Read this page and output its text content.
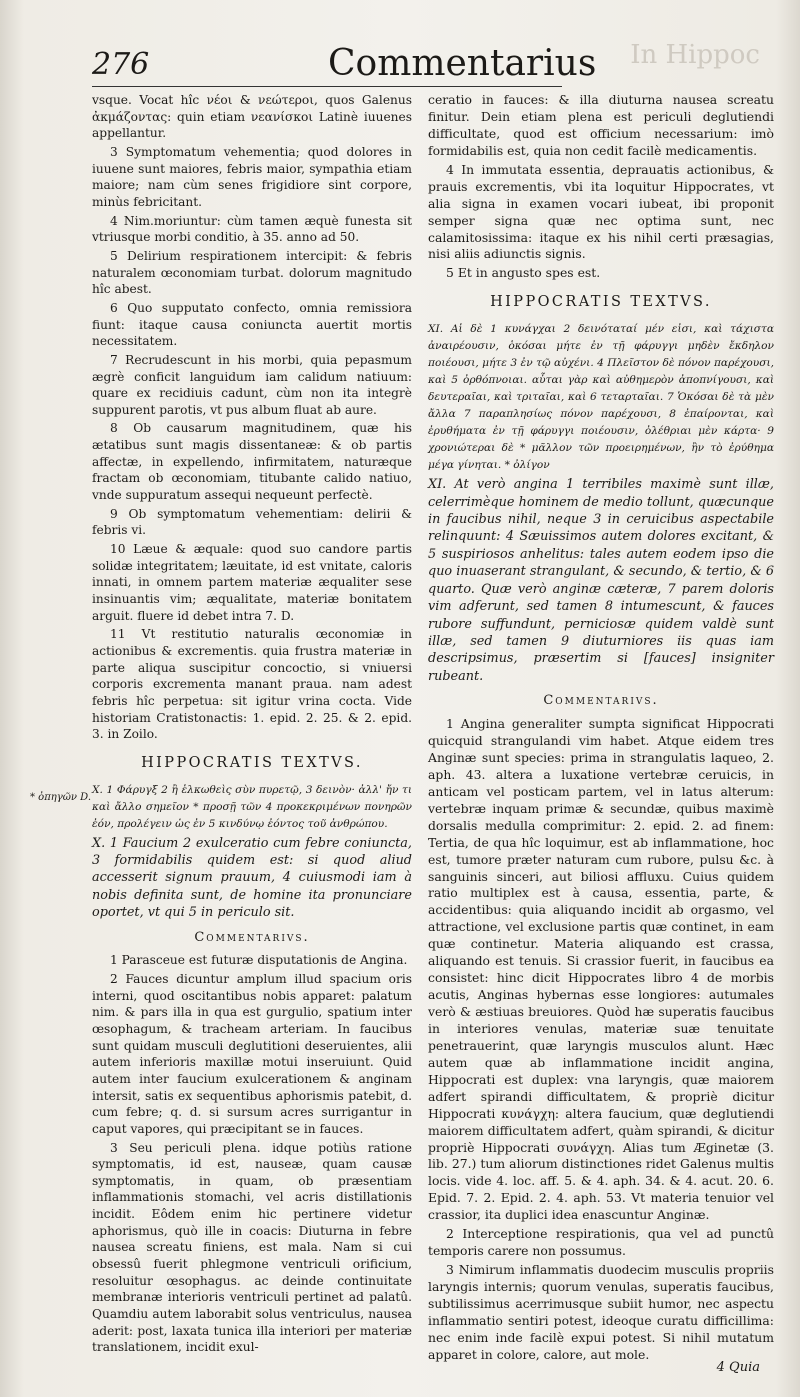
In Hippoc
276	Commentarius
* ὀπηγῶν D.

vsque. Vocat hîc νέοι & νεώτεροι, quos Galenus ἀκμάζοντας: quin etiam νεανίσκοι Latinè iuuenes appellantur.

3 Symptomatum vehementia; quod dolores in iuuene sunt maiores, febris maior, sympathia etiam maiore; nam cùm senes frigidiore sint corpore, minùs febricitant.

4 Nim.moriuntur: cùm tamen æquè funesta sit vtriusque morbi conditio, à 35. anno ad 50.

5 Delirium respirationem intercipit: & febris naturalem œconomiam turbat. dolorum magnitudo hîc abest.

6 Quo supputato confecto, omnia remissiora fiunt: itaque causa coniuncta auertit mortis necessitatem.

7 Recrudescunt in his morbi, quia pepasmum ægrè conficit languidum iam calidum natiuum: quare ex recidiuis cadunt, cùm non ita integrè suppurent parotis, vt pus album fluat ab aure.

8 Ob causarum magnitudinem, quæ his ætatibus sunt magis dissentaneæ: & ob partis affectæ, in expellendo, infirmitatem, naturæque fractam ob œconomiam, titubante calido natiuo, vnde suppuratum assequi nequeunt perfectè.

9 Ob symptomatum vehementiam: delirii & febris vi.

10 Læue & æquale: quod suo candore partis solidæ integritatem; læuitate, id est vnitate, caloris innati, in omnem partem materiæ æqualiter sese insinuantis vim; æqualitate, materiæ bonitatem arguit. fluere id debet intra 7. D.

11 Vt restitutio naturalis œconomiæ in actionibus & excrementis. quia frustra materiæ in parte aliqua suscipitur concoctio, si vniuersi corporis excrementa manant praua. nam adest febris hîc perpetua: sit igitur vrina cocta. Vide historiam Cratistonactis: 1. epid. 2. 25. & 2. epid. 3. in Zoilo.

HIPPOCRATIS TEXTVS.

X. 1 Φάρυγξ 2 ἢ ἑλκωθεὶς σὺν πυρετῷ, 3 δεινὸν· ἀλλ' ἤν τι καὶ ἄλλο σημεῖον * προσῇ τῶν 4 προκεκριμένων πονηρῶν ἐόν, προλέγειν ὡς ἐν 5 κινδύνῳ ἐόντος τοῦ ἀνθρώπου.

X. 1 Faucium 2 exulceratio cum febre coniuncta, 3 formidabilis quidem est: si quod aliud accesserit signum prauum, 4 cuiusmodi iam à nobis definita sunt, de homine ita pronunciare oportet, vt qui 5 in periculo sit.

Commentarivs.

1 Parasceue est futuræ disputationis de Angina.

2 Fauces dicuntur amplum illud spacium oris interni, quod oscitantibus nobis apparet: palatum nim. & pars illa in qua est gurgulio, spatium inter œsophagum, & tracheam arteriam. In faucibus sunt quidam musculi deglutitioni deseruientes, alii autem inferioris maxillæ motui inseruiunt. Quid autem inter faucium exulcerationem & anginam intersit, satis ex sequentibus aphorismis patebit, d. cum febre; q. d. si sursum acres surrigantur in caput vapores, qui præcipitant se in fauces.

3 Seu periculi plena. idque potiùs ratione symptomatis, id est, nauseæ, quam causæ symptomatis, in quam, ob præsentiam inflammationis stomachi, vel acris distillationis incidit. Eôdem enim hic pertinere videtur aphorismus, quò ille in coacis: Diuturna in febre nausea screatu finiens, est mala. Nam si cui obsessû fuerit phlegmone ventriculi orificium, resoluitur œsophagus. ac deinde continuitate membranæ interioris ventriculi pertinet ad palatû. Quamdiu autem laborabit solus ventriculus, nausea aderit: post, laxata tunica illa interiori per materiæ translationem, incidit exul-

ceratio in fauces: & illa diuturna nausea screatu finitur. Dein etiam plena est periculi deglutiendi difficultate, quod est officium necessarium: imò formidabilis est, quia non cedit facilè medicamentis.

4 In immutata essentia, deprauatis actionibus, & prauis excrementis, vbi ita loquitur Hippocrates, vt alia signa in examen vocari iubeat, ibi proponit semper signa quæ nec optima sunt, nec calamitosissima: itaque ex his nihil certi præsagias, nisi aliis adiunctis signis.

5 Et in angusto spes est.

HIPPOCRATIS TEXTVS.

XI. Αἱ δὲ 1 κυνάγχαι 2 δεινόταταί μέν εἰσι, καὶ τάχιστα ἀναιρέουσιν, ὁκόσαι μήτε ἐν τῇ φάρυγγι μηδὲν ἔκδηλον ποιέουσι, μήτε 3 ἐν τῷ αὐχένι. 4 Πλεῖστον δὲ πόνον παρέχουσι, καὶ 5 ὀρθόπνοιαι. αὗται γὰρ καὶ αὐθημερὸν ἀποπνίγουσι, καὶ δευτεραῖαι, καὶ τριταῖαι, καὶ 6 τεταρταῖαι. 7 Ὁκόσαι δὲ τὰ μὲν ἄλλα 7 παραπλησίως πόνον παρέχουσι, 8 ἐπαίρονται, καὶ ἐρυθήματα ἐν τῇ φάρυγγι ποιέουσιν, ὀλέθριαι μὲν κάρτα· 9 χρονιώτεραι δὲ * μᾶλλον τῶν προειρημένων, ἢν τὸ ἐρύθημα μέγα γίνηται. * ὀλίγον

XI. At verò angina 1 terribiles maximè sunt illæ, celerrimèque hominem de medio tollunt, quæcunque in faucibus nihil, neque 3 in ceruicibus aspectabile relinquunt: 4 Sæuissimos autem dolores excitant, & 5 suspiriosos anhelitus: tales autem eodem ipso die quo inuaserant strangulant, & secundo, & tertio, & 6 quarto. Quæ verò anginæ cæteræ, 7 parem doloris vim adferunt, sed tamen 8 intumescunt, & fauces rubore suffundunt, perniciosæ quidem valdè sunt illæ, sed tamen 9 diuturniores iis quas iam descripsimus, præsertim si [fauces] insigniter rubeant.

Commentarivs.

1 Angina generaliter sumpta significat Hippocrati quicquid strangulandi vim habet. Atque eidem tres Anginæ sunt species: prima in strangulatis laqueo, 2. aph. 43. altera a luxatione vertebræ ceruicis, in anticam vel posticam partem, vel in latus alterum: vertebræ inquam primæ & secundæ, quibus maximè dorsalis medulla comprimitur: 2. epid. 2. ad finem: Tertia, de qua hîc loquimur, est ab inflammatione, hoc est, tumore præter naturam cum rubore, pulsu &c. à sanguinis sinceri, aut biliosi affluxu. Cuius quidem ratio multiplex est à causa, essentia, parte, & accidentibus: quia aliquando incidit ab orgasmo, vel attractione, vel exclusione partis quæ continet, in eam quæ continetur. Materia aliquando est crassa, aliquando est tenuis. Si crassior fuerit, in faucibus ea consistet: hinc dicit Hippocrates libro 4 de morbis acutis, Anginas hybernas esse longiores: autumales verò & æstiuas breuiores. Quòd hæ superatis faucibus in interiores venulas, materiæ suæ tenuitate penetrauerint, quæ laryngis musculos alunt. Hæc autem quæ ab inflammatione incidit angina, Hippocrati est duplex: vna laryngis, quæ maiorem adfert spirandi difficultatem, & propriè dicitur Hippocrati κυνάγχη: altera faucium, quæ deglutiendi maiorem difficultatem adfert, quàm spirandi, & dicitur propriè Hippocrati συνάγχη. Alias tum Æginetæ (3. lib. 27.) tum aliorum distinctiones ridet Galenus multis locis. vide 4. loc. aff. 5. & 4. aph. 34. & 4. acut. 20. 6. Epid. 7. 2. Epid. 2. 4. aph. 53. Vt materia tenuior vel crassior, ita duplici idea enascuntur Anginæ.

2 Interceptione respirationis, qua vel ad punctû temporis carere non possumus.

3 Nimirum inflammatis duodecim musculis propriis laryngis internis; quorum venulas, superatis faucibus, subtilissimus acerrimusque subiit humor, nec aspectu inflammatio sentiri potest, ideoque curatu difficillima: nec enim inde facilè expui potest. Si nihil mutatum apparet in colore, calore, aut mole.

4 Quia
